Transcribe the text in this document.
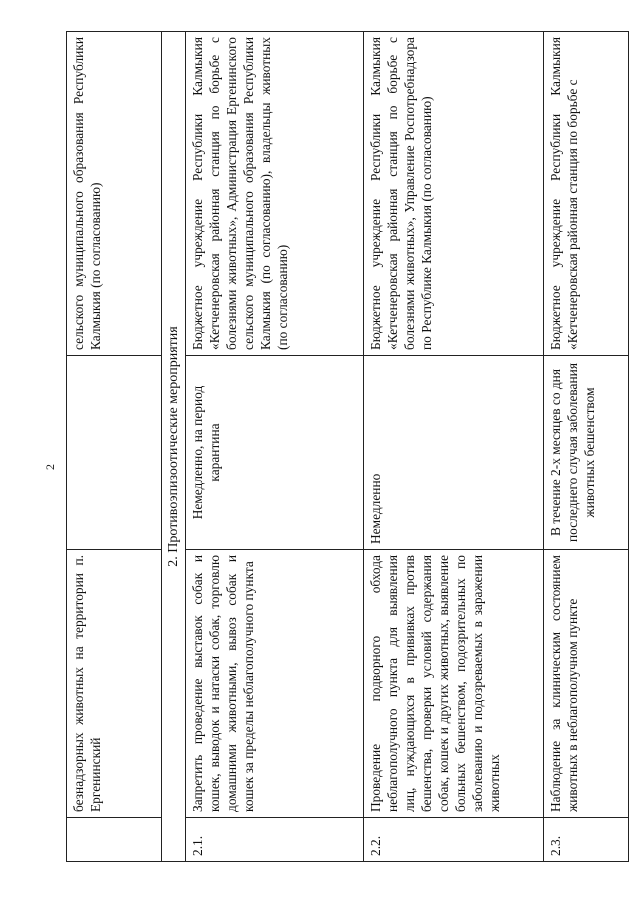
2
	безнадзорных животных на территории п. Ергенинский		сельского муниципального образования Республики Калмыкия (по согласованию)
2. Противоэпизоотические мероприятия			
2.1.	Запретить проведение выставок собак и кошек, выводок и натаски собак, торговлю домашними животными, вывоз собак и кошек за пределы неблагополучного пункта	Немедленно, на период карантина	Бюджетное учреждение Республики Калмыкия «Кетченеровская районная станция по борьбе с болезнями животных», Администрация Ергенинского сельского муниципального образования Республики Калмыкия (по согласованию), владельцы животных (по согласованию)
2.2.	Проведение подворного обхода неблагополучного пункта для выявления лиц, нуждающихся в прививках против бешенства, проверки условий содержания собак, кошек и других животных, выявление больных бешенством, подозрительных по заболеванию и подозреваемых в заражении животных	Немедленно	Бюджетное учреждение Республики Калмыкия «Кетченеровская районная станция по борьбе с болезнями животных», Управление Роспотребнадзора по Республике Калмыкия (по согласованию)
2.3.	Наблюдение за клиническим состоянием животных в неблагополучном пункте	В течение 2-х месяцев со дня последнего случая заболевания животных бешенством	Бюджетное учреждение Республики Калмыкия «Кетченеровская районная станция по борьбе с
